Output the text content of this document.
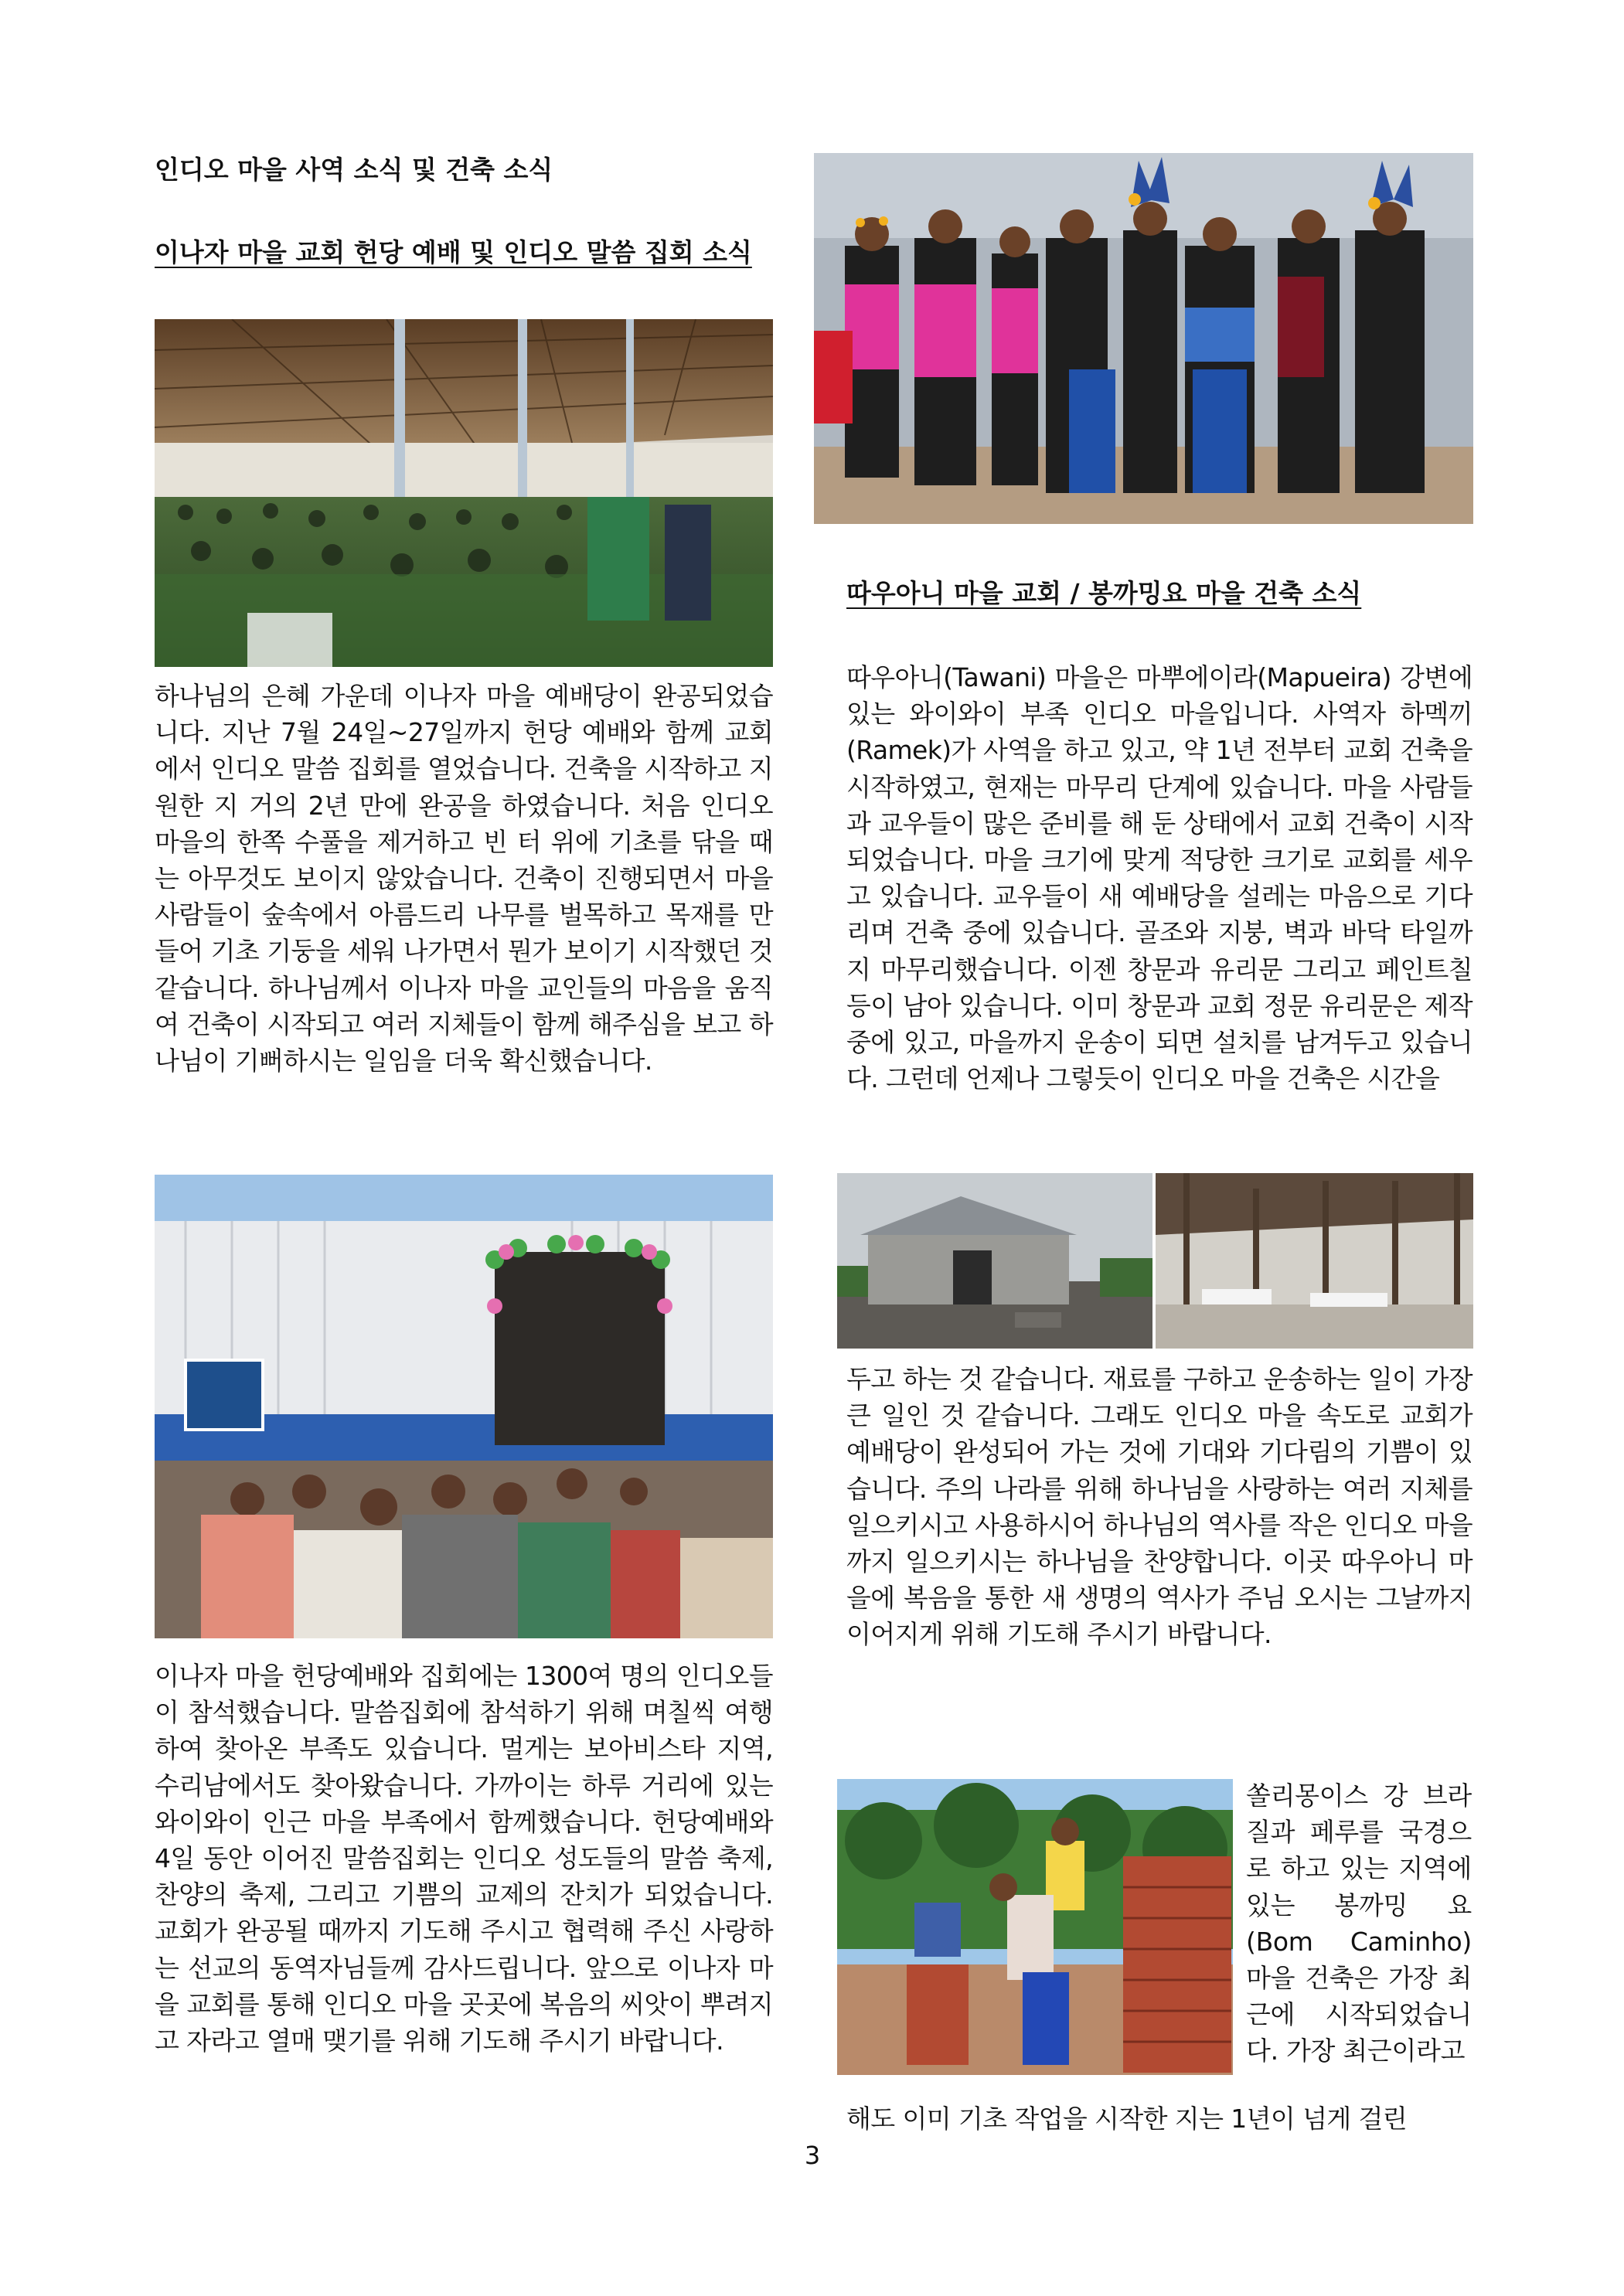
인디오 마을 사역 소식 및 건축 소식
이나자 마을 교회 헌당 예배 및 인디오 말씀 집회 소식

하나님의 은혜 가운데 이나자 마을 예배당이 완공되었습니다. 지난 7월 24일~27일까지 헌당 예배와 함께 교회에서 인디오 말씀 집회를 열었습니다. 건축을 시작하고 지원한 지 거의 2년 만에 완공을 하였습니다. 처음 인디오 마을의 한쪽 수풀을 제거하고 빈 터 위에 기초를 닦을 때는 아무것도 보이지 않았습니다. 건축이 진행되면서 마을 사람들이 숲속에서 아름드리 나무를 벌목하고 목재를 만들어 기초 기둥을 세워 나가면서 뭔가 보이기 시작했던 것 같습니다. 하나님께서 이나자 마을 교인들의 마음을 움직여 건축이 시작되고 여러 지체들이 함께 해주심을 보고 하나님이 기뻐하시는 일임을 더욱 확신했습니다.

이나자 마을 헌당예배와 집회에는 1300여 명의 인디오들이 참석했습니다. 말씀집회에 참석하기 위해 며칠씩 여행하여 찾아온 부족도 있습니다. 멀게는 보아비스타 지역, 수리남에서도 찾아왔습니다. 가까이는 하루 거리에 있는 와이와이 인근 마을 부족에서 함께했습니다. 헌당예배와 4일 동안 이어진 말씀집회는 인디오 성도들의 말씀 축제, 찬양의 축제, 그리고 기쁨의 교제의 잔치가 되었습니다. 교회가 완공될 때까지 기도해 주시고 협력해 주신 사랑하는 선교의 동역자님들께 감사드립니다. 앞으로 이나자 마을 교회를 통해 인디오 마을 곳곳에 복음의 씨앗이 뿌려지고 자라고 열매 맺기를 위해 기도해 주시기 바랍니다.

따우아니 마을 교회 / 봉까밍요 마을 건축 소식

따우아니(Tawani) 마을은 마뿌에이라(Mapueira) 강변에 있는 와이와이 부족 인디오 마을입니다. 사역자 하멕끼(Ramek)가 사역을 하고 있고, 약 1년 전부터 교회 건축을 시작하였고, 현재는 마무리 단계에 있습니다. 마을 사람들과 교우들이 많은 준비를 해 둔 상태에서 교회 건축이 시작되었습니다. 마을 크기에 맞게 적당한 크기로 교회를 세우고 있습니다. 교우들이 새 예배당을 설레는 마음으로 기다리며 건축 중에 있습니다. 골조와 지붕, 벽과 바닥 타일까지 마무리했습니다. 이젠 창문과 유리문 그리고 페인트칠 등이 남아 있습니다. 이미 창문과 교회 정문 유리문은 제작 중에 있고, 마을까지 운송이 되면 설치를 남겨두고 있습니다. 그런데 언제나 그렇듯이 인디오 마을 건축은 시간을

두고 하는 것 같습니다. 재료를 구하고 운송하는 일이 가장 큰 일인 것 같습니다. 그래도 인디오 마을 속도로 교회가 예배당이 완성되어 가는 것에 기대와 기다림의 기쁨이 있습니다. 주의 나라를 위해 하나님을 사랑하는 여러 지체를 일으키시고 사용하시어 하나님의 역사를 작은 인디오 마을까지 일으키시는 하나님을 찬양합니다. 이곳 따우아니 마을에 복음을 통한 새 생명의 역사가 주님 오시는 그날까지 이어지게 위해 기도해 주시기 바랍니다.

쏠리몽이스 강 브라질과 페루를 국경으로 하고 있는 지역에 있는 봉까밍 요 (Bom Caminho) 마을 건축은 가장 최근에 시작되었습니다. 가장 최근이라고

해도 이미 기초 작업을 시작한 지는 1년이 넘게 걸린

3
